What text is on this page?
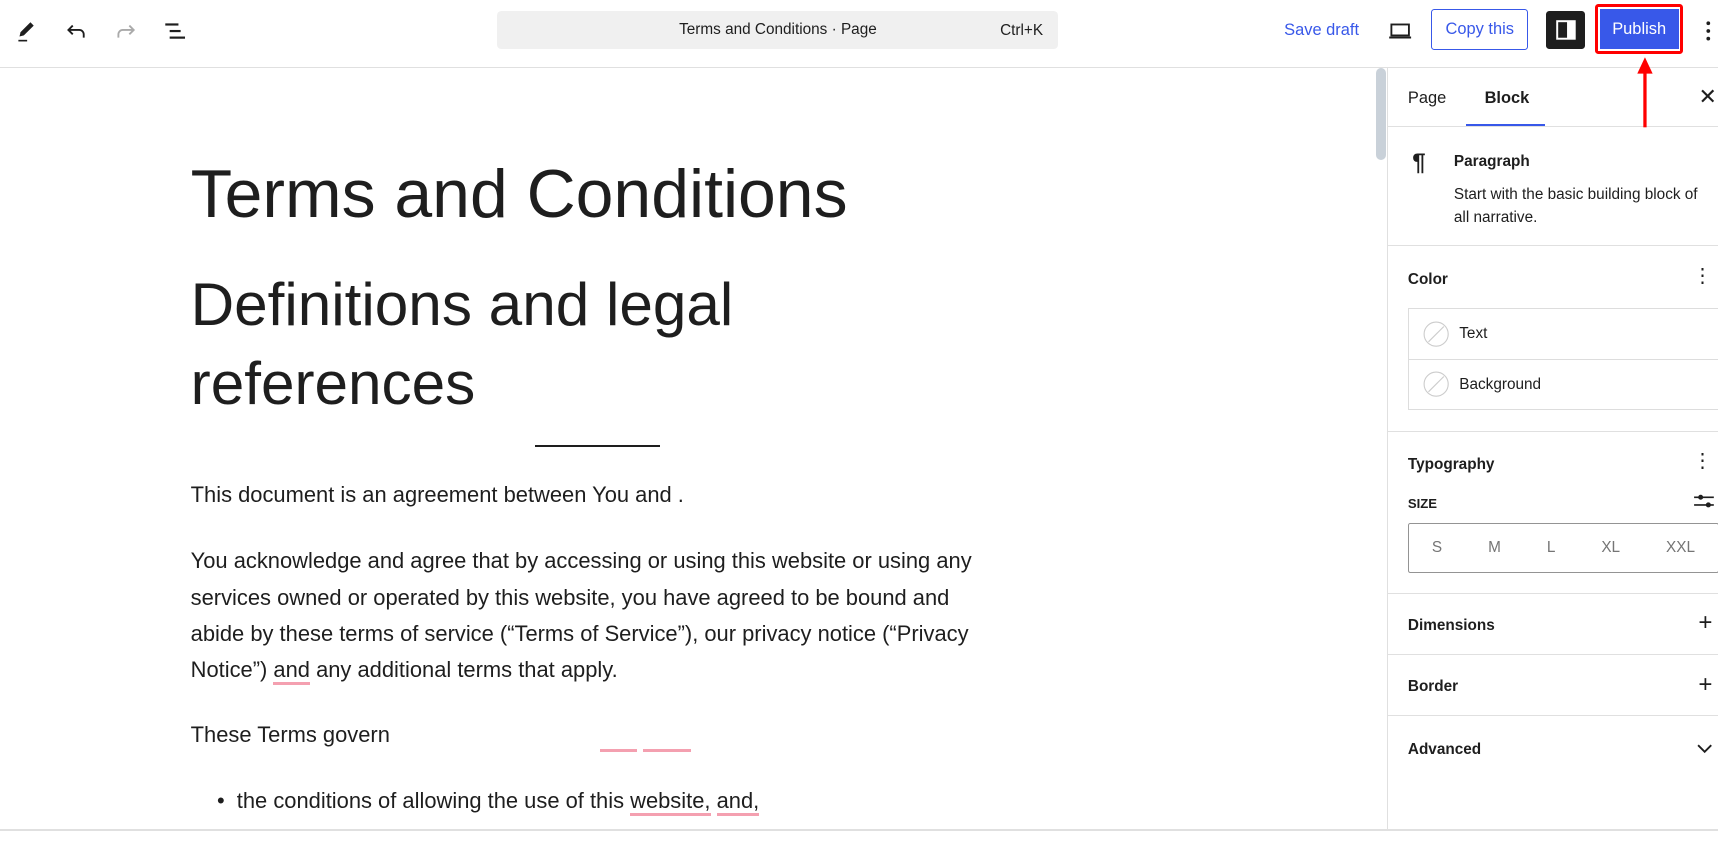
Terms and Conditions · Page	Ctrl+K	Save draft	Copy this	Publish
Terms and Conditions
Definitions and legal references
This document is an agreement between You and .
You acknowledge and agree that by accessing or using this website or using any services owned or operated by this website, you have agreed to be bound and abide by these terms of service (“Terms of Service”), our privacy notice (“Privacy Notice”) and any additional terms that apply.
These Terms govern
•  the conditions of allowing the use of this website, and,
Page	Block	✕
¶ Paragraph
Start with the basic building block of all narrative.
Color	⋮
Text
Background
Typography	⋮
SIZE
S	M	L	XL	XXL
Dimensions	+
Border	+
Advanced
